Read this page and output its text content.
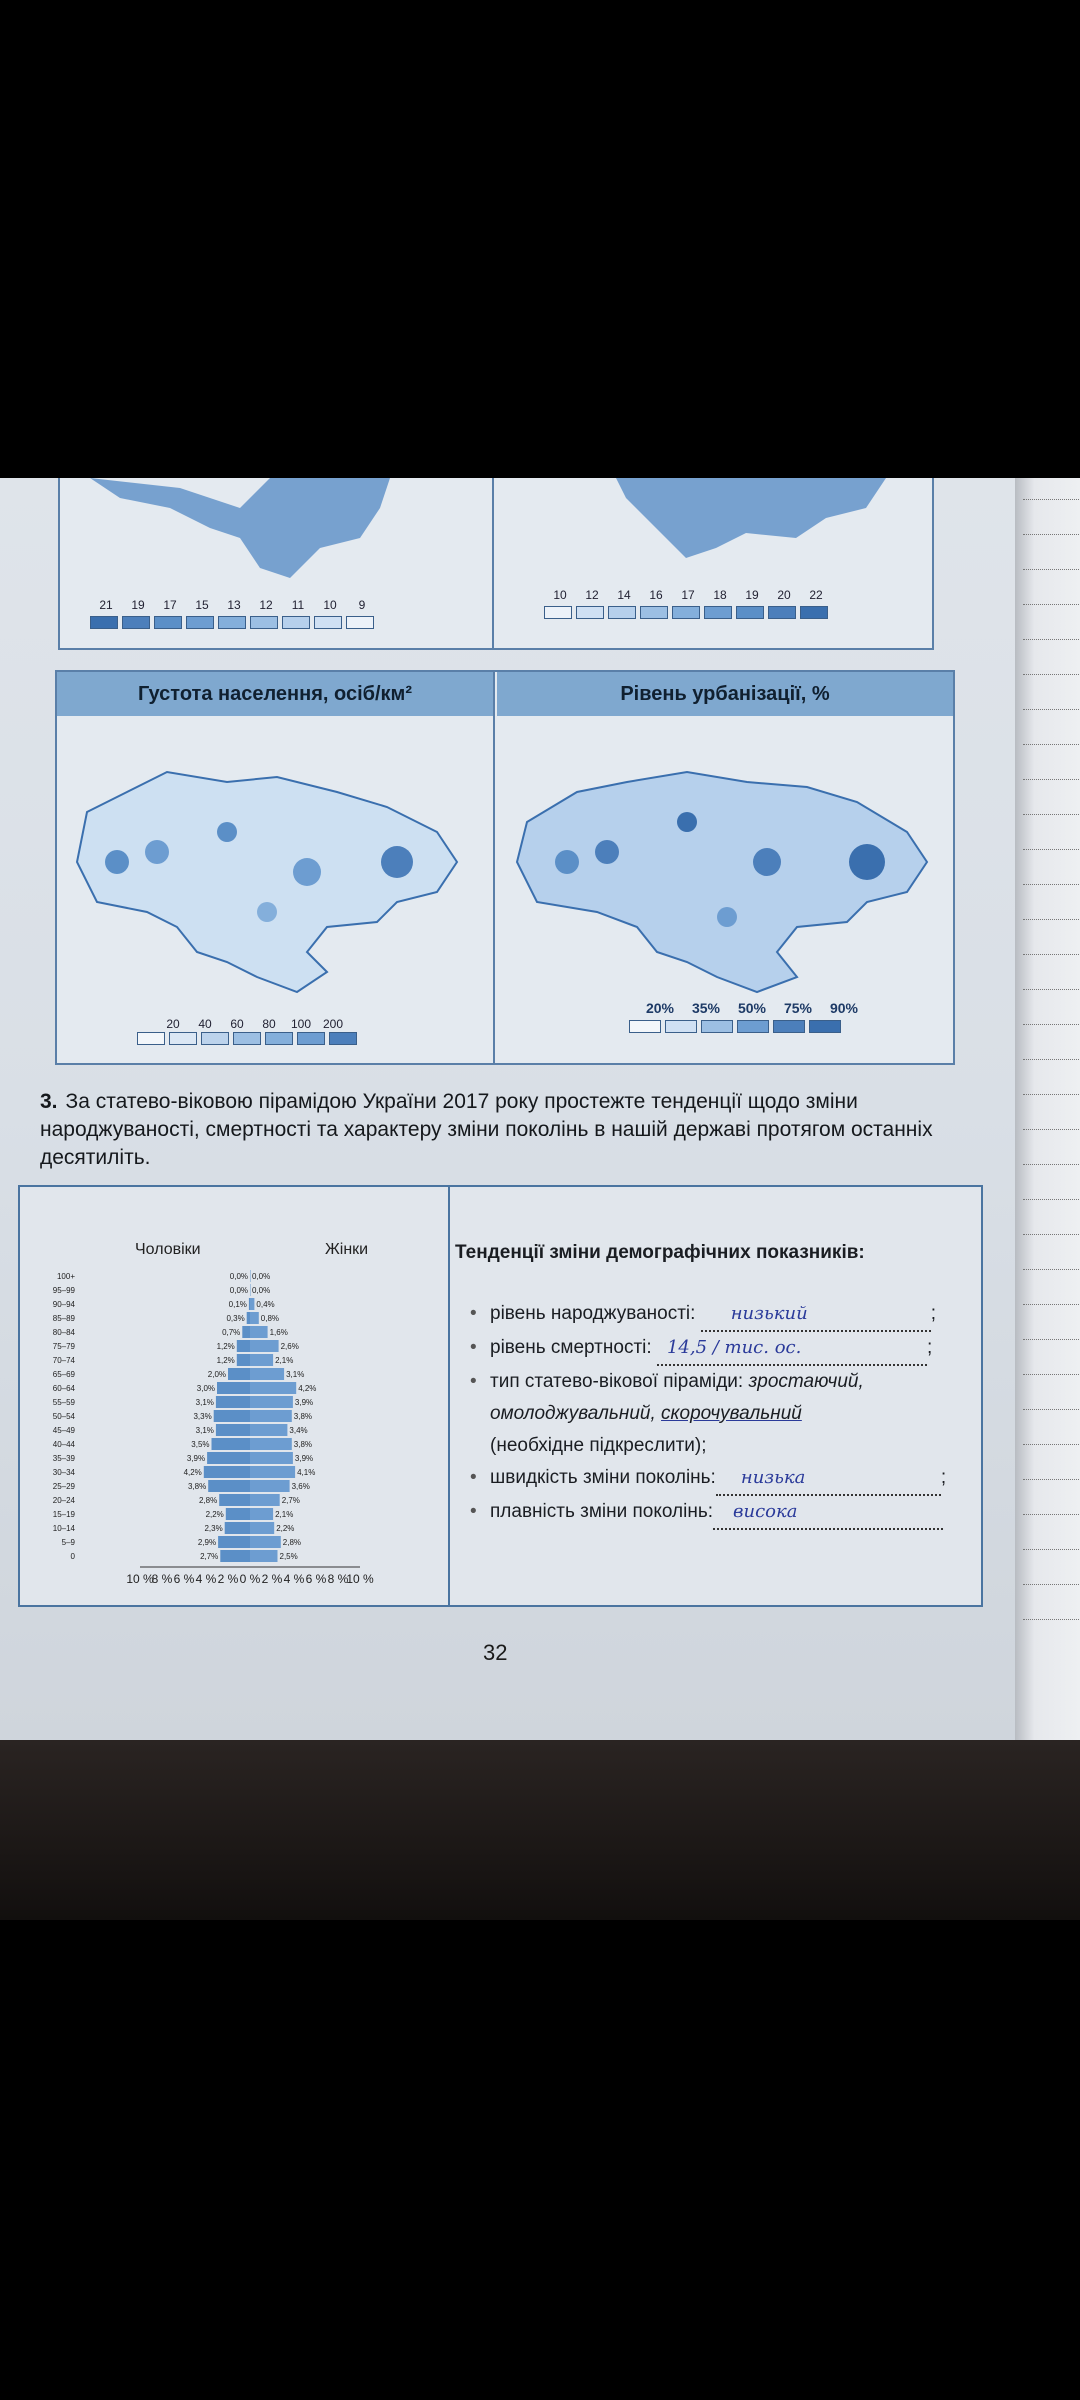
21	19	17	15	13	12	11	10	9
10	12	14	16	17	18	19	20	22
Густота населення, осіб/км²
20	40	60	80	100 200
Рівень урбанізації, %
20%	35%	50%	75%	90%
3. За статево-віковою пірамідою України 2017 року простежте тенденції щодо зміни народжуваності, смертності та характеру зміни поколінь в нашій державі протягом останніх десятиліть.
Чоловіки	Жінки
100+	0,0% 0,0%
95–99	0,0% 0,0%
90–94	0,1% 0,4%
85–89	0,3% 0,8%
80–84	0,7%	1,6%
75–79	1,2%	2,6%
70–74	1,2%	2,1%
65–69	2,0%	3,1%
60–64	3,0%	4,2%
55–59	3,1%	3,9%
50–54	3,3%	3,8%
45–49	3,1%	3,4%
40–44	3,5%	3,8%
35–39	3,9%	3,9%
30–34	4,2%	4,1%
25–29	3,8%	3,6%
20–24	2,8%	2,7%
15–19	2,2%	2,1%
10–14	2,3%	2,2%
5–9	2,9%	2,8%
0	2,7%	2,5%
10 %
8 % 6 % 4 % 2 % 0 % 2 % 4 % 6 % 8 %
10 %
Тенденції зміни демографічних показників:
• рівень народжуваності: низький	;
• рівень смертності: 14,5 / тис. ос.	;
• тип статево-вікової піраміди: зростаючий,
омолоджувальний, скорочувальний
(необхідне підкреслити);
• швидкість зміни поколінь: низька	;
• плавність зміни поколінь: висока
32
